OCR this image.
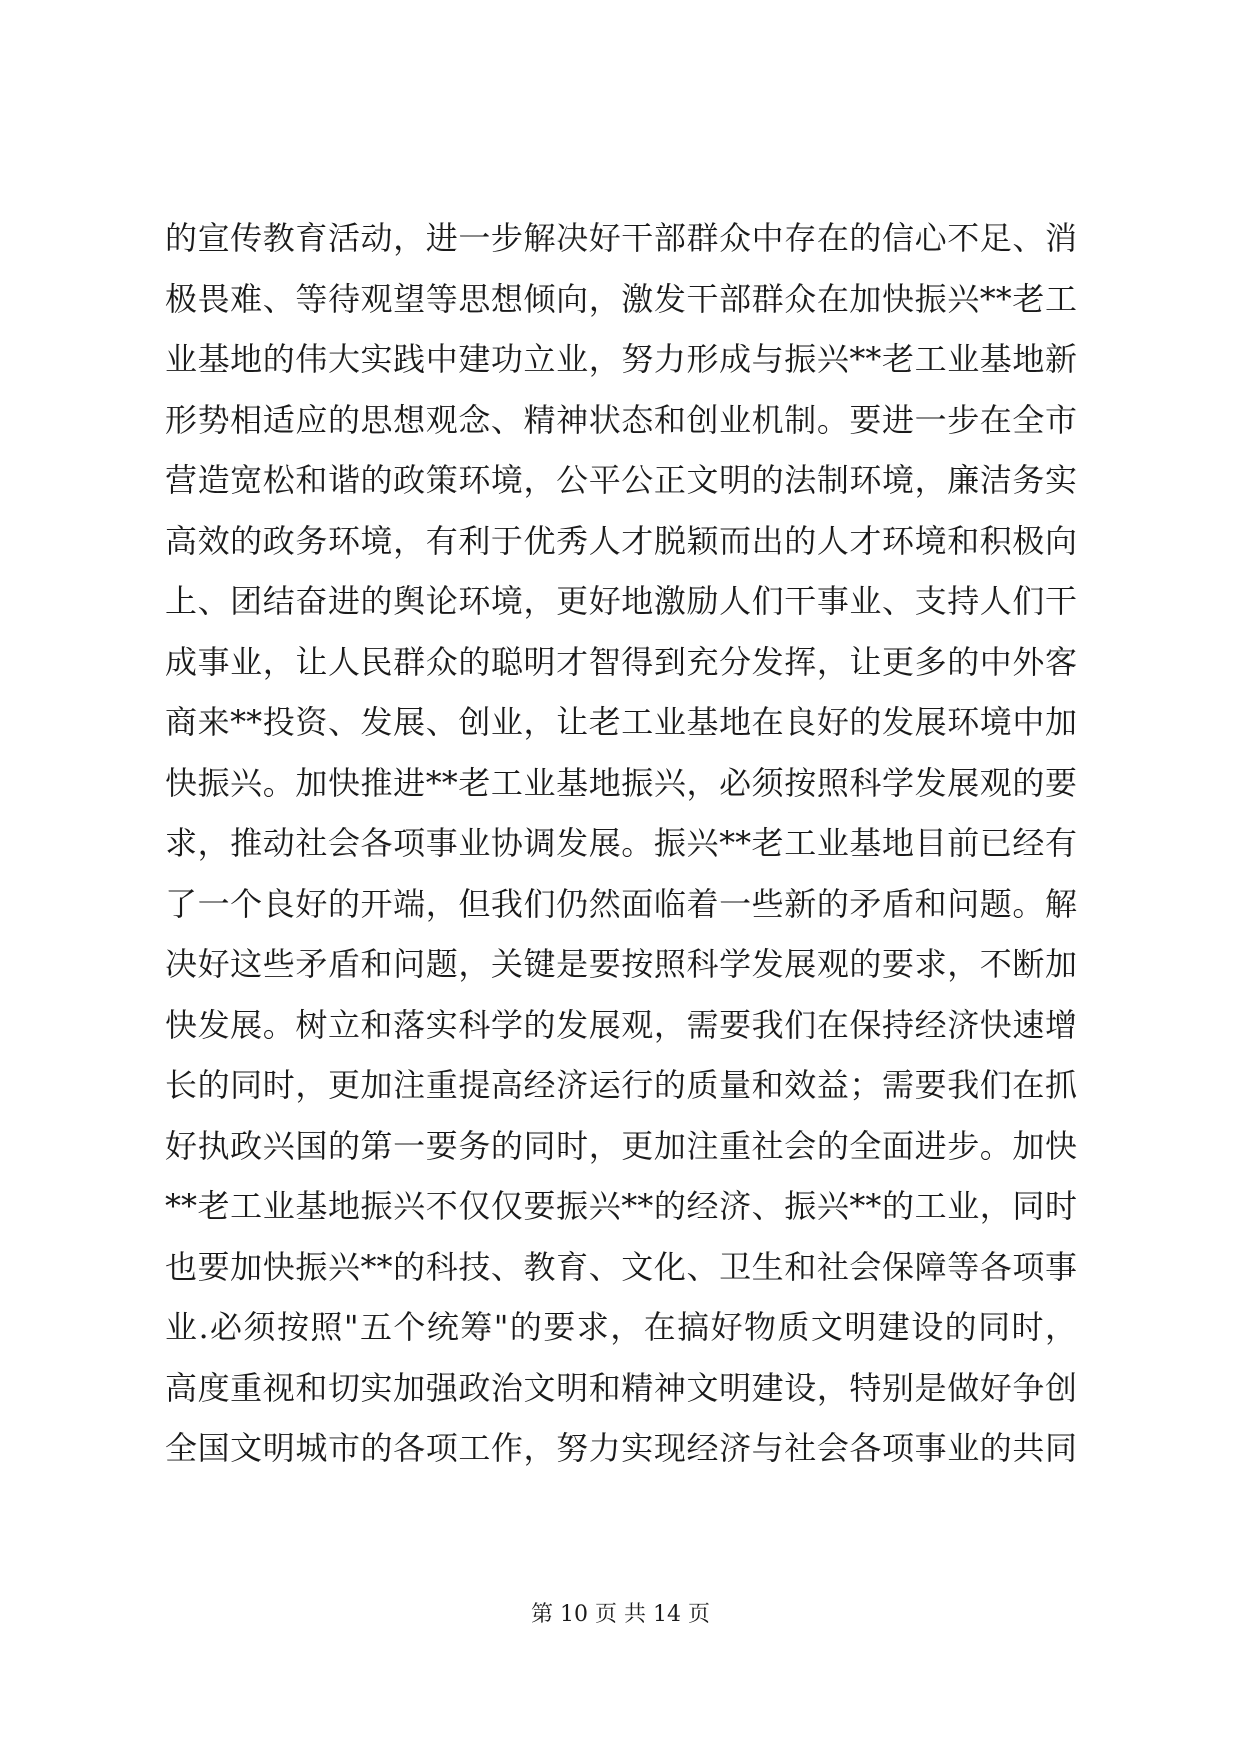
的宣传教育活动，进一步解决好干部群众中存在的信心不足、消
极畏难、等待观望等思想倾向，激发干部群众在加快振兴**老工
业基地的伟大实践中建功立业，努力形成与振兴**老工业基地新
形势相适应的思想观念、精神状态和创业机制。要进一步在全市
营造宽松和谐的政策环境，公平公正文明的法制环境，廉洁务实
高效的政务环境，有利于优秀人才脱颖而出的人才环境和积极向
上、团结奋进的舆论环境，更好地激励人们干事业、支持人们干
成事业，让人民群众的聪明才智得到充分发挥，让更多的中外客
商来**投资、发展、创业，让老工业基地在良好的发展环境中加
快振兴。加快推进**老工业基地振兴，必须按照科学发展观的要
求，推动社会各项事业协调发展。振兴**老工业基地目前已经有
了一个良好的开端，但我们仍然面临着一些新的矛盾和问题。解
决好这些矛盾和问题，关键是要按照科学发展观的要求，不断加
快发展。树立和落实科学的发展观，需要我们在保持经济快速增
长的同时，更加注重提高经济运行的质量和效益；需要我们在抓
好执政兴国的第一要务的同时，更加注重社会的全面进步。加快
**老工业基地振兴不仅仅要振兴**的经济、振兴**的工业，同时
也要加快振兴**的科技、教育、文化、卫生和社会保障等各项事
业.必须按照"五个统筹"的要求，在搞好物质文明建设的同时，
高度重视和切实加强政治文明和精神文明建设，特别是做好争创
全国文明城市的各项工作，努力实现经济与社会各项事业的共同
第 10 页 共 14 页
